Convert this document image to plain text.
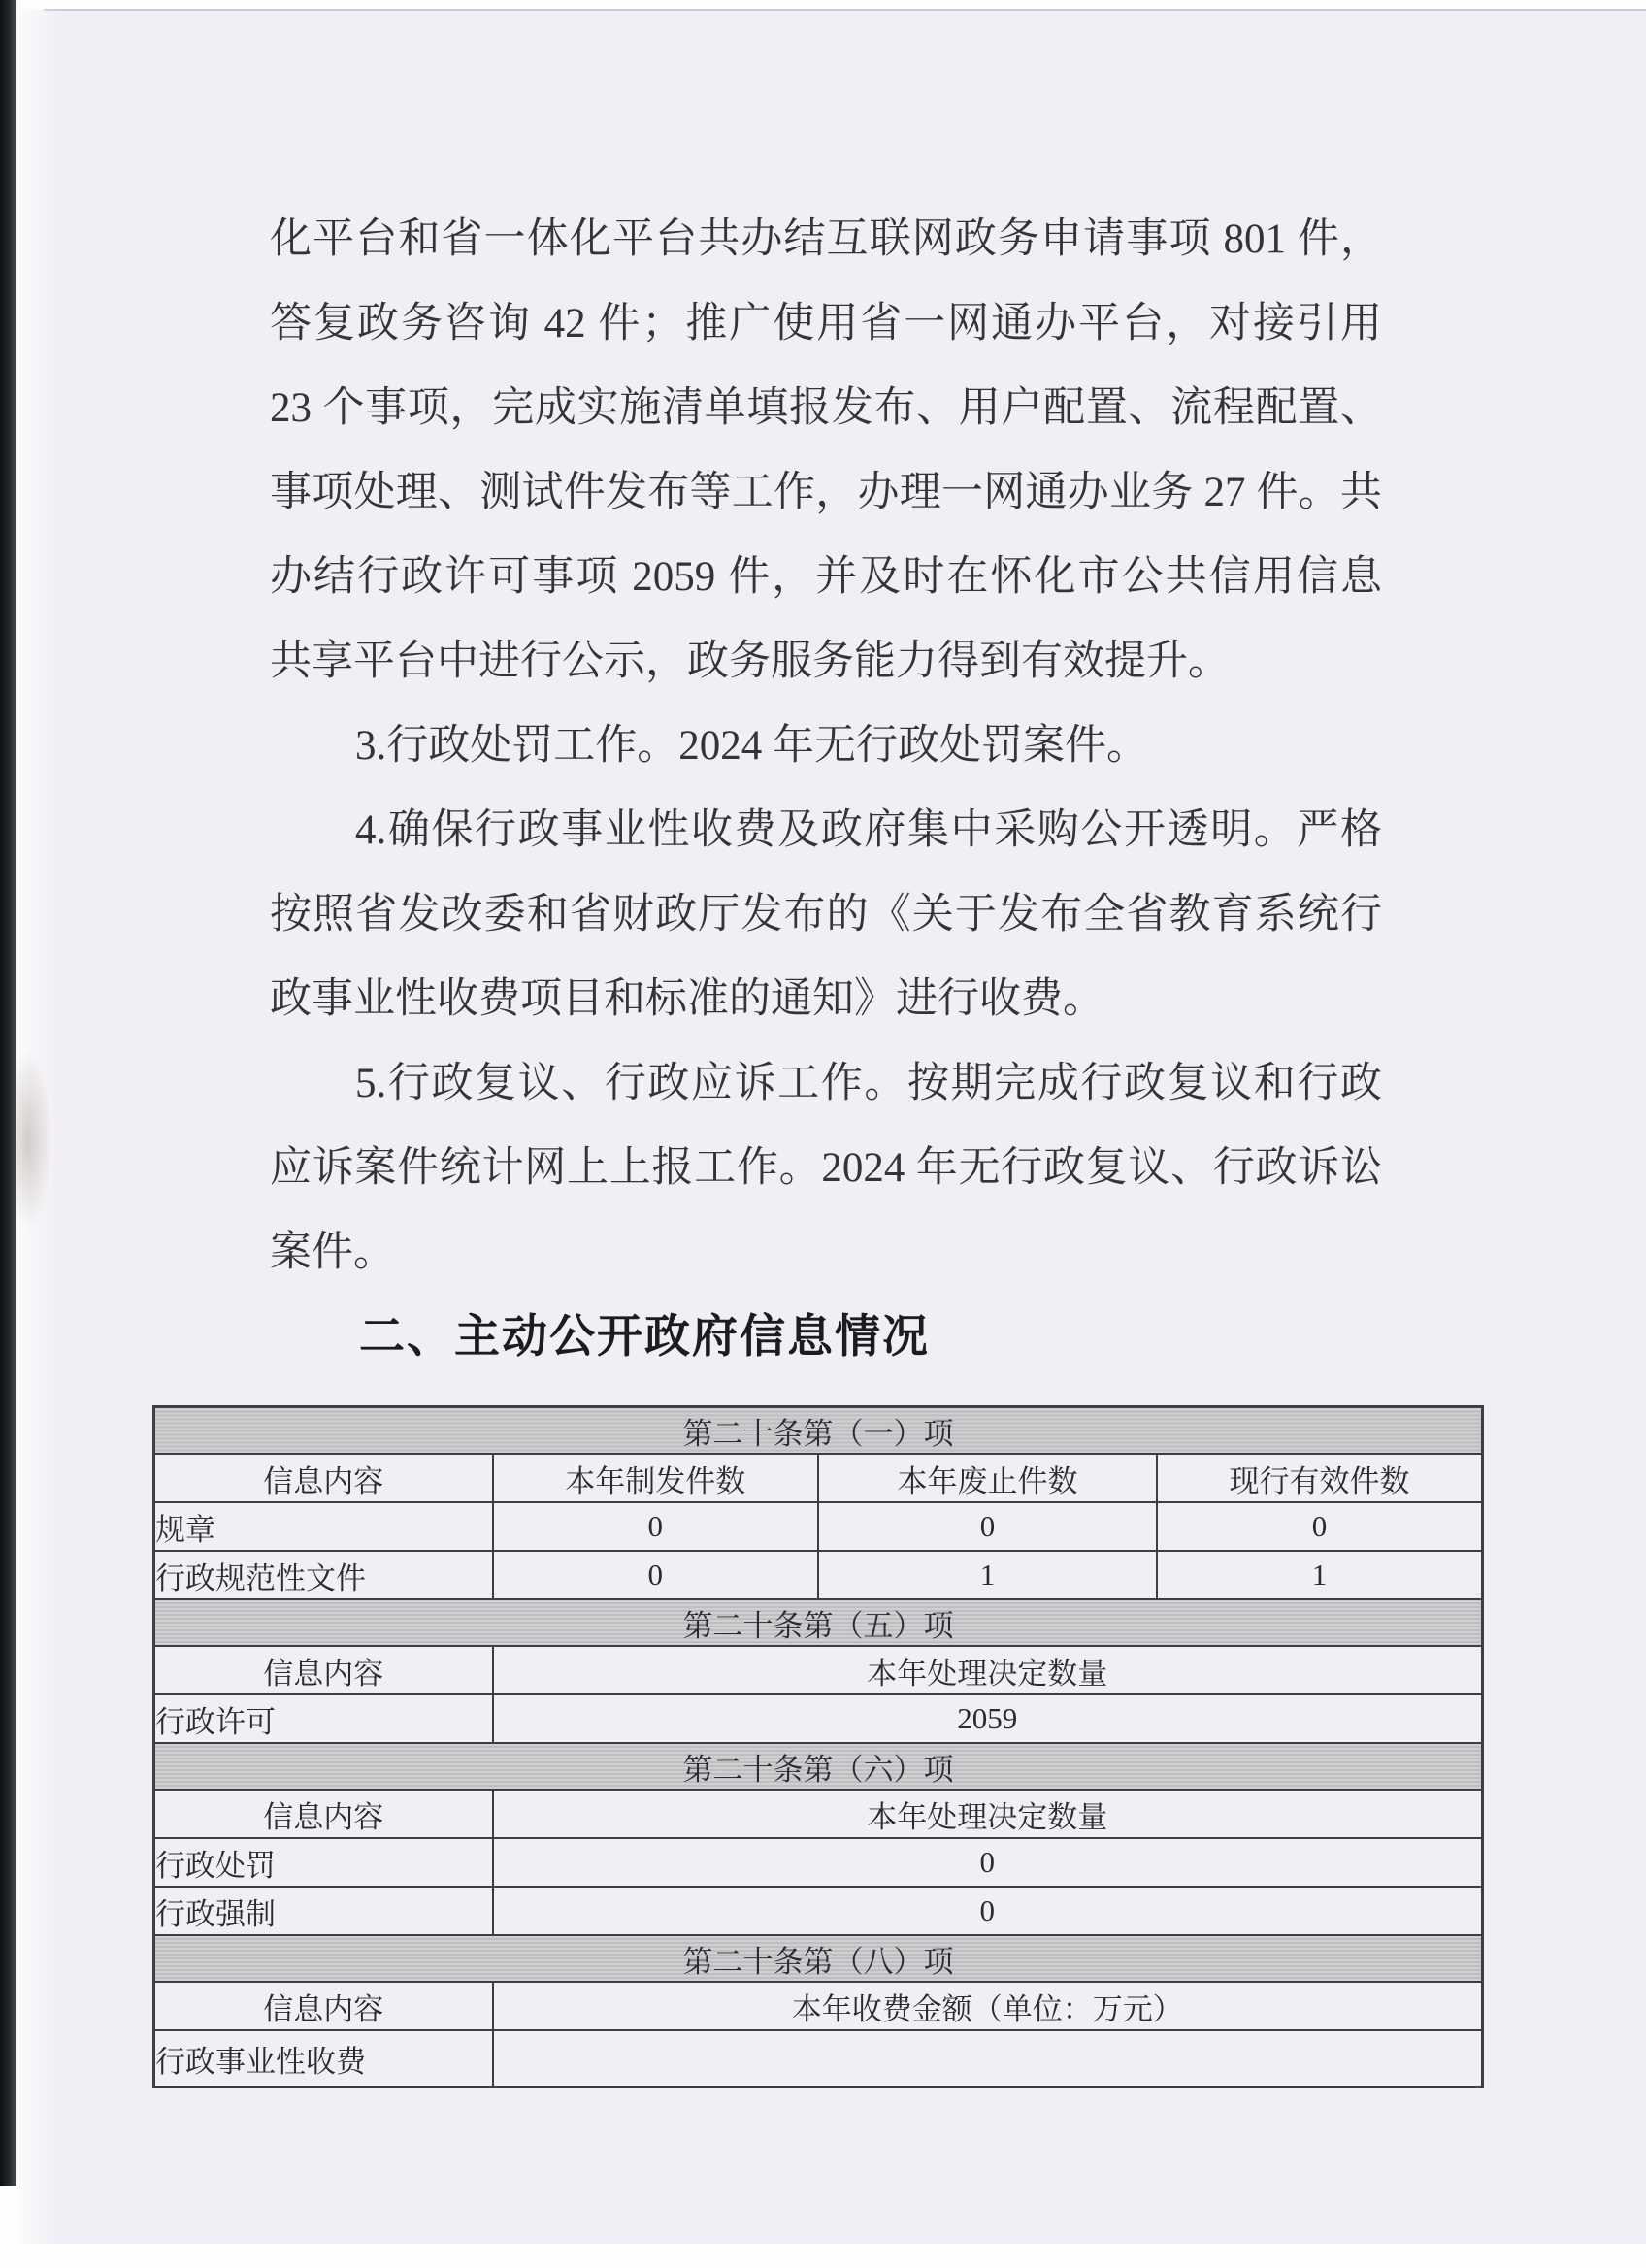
化平台和省一体化平台共办结互联网政务申请事项 801 件，
答复政务咨询 42 件；推广使用省一网通办平台，对接引用
23 个事项，完成实施清单填报发布、用户配置、流程配置、
事项处理、测试件发布等工作，办理一网通办业务 27 件。共
办结行政许可事项 2059 件，并及时在怀化市公共信用信息
共享平台中进行公示，政务服务能力得到有效提升。
3.行政处罚工作。2024 年无行政处罚案件。
4.确保行政事业性收费及政府集中采购公开透明。严格
按照省发改委和省财政厅发布的《关于发布全省教育系统行
政事业性收费项目和标准的通知》进行收费。
5.行政复议、行政应诉工作。按期完成行政复议和行政
应诉案件统计网上上报工作。2024 年无行政复议、行政诉讼
案件。
二、主动公开政府信息情况
第二十条第（一）项			
信息内容	本年制发件数	本年废止件数	现行有效件数
规章	0	0	0
行政规范性文件	0	1	1
第二十条第（五）项			
信息内容	本年处理决定数量		
行政许可	2059		
第二十条第（六）项			
信息内容	本年处理决定数量		
行政处罚	0		
行政强制	0		
第二十条第（八）项			
信息内容	本年收费金额（单位：万元）		
行政事业性收费			
